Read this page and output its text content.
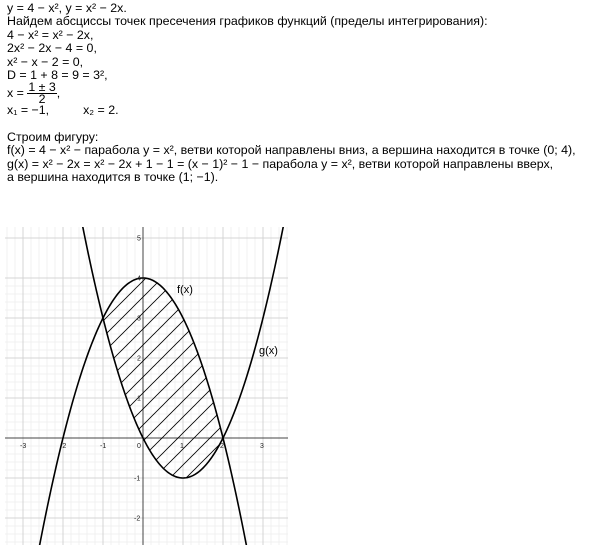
y = 4 − x², y = x² − 2x.
Найдем абсциссы точек пресечения графиков функций (пределы интегрирования):
4 − x² = x² − 2x,
2x² − 2x − 4 = 0,
x² − x − 2 = 0,
D = 1 + 8 = 9 = 3²,
$x = \frac{1 \pm 3}{2}$ ,
x₁ = −1,	x₂ = 2.
Строим фигуру:
f(x) = 4 − x² − парабола y = x², ветви которой направлены вниз, а вершина находится в точке (0; 4),
g(x) = x² − 2x = x² − 2x + 1 − 1 = (x − 1)² − 1 − парабола y = x², ветви которой направлены вверх,
а вершина находится в точке (1; −1).
-3	-2	-1	0	1	2	3
5
4
3
2
1
-1
-2
f(x)
g(x)
